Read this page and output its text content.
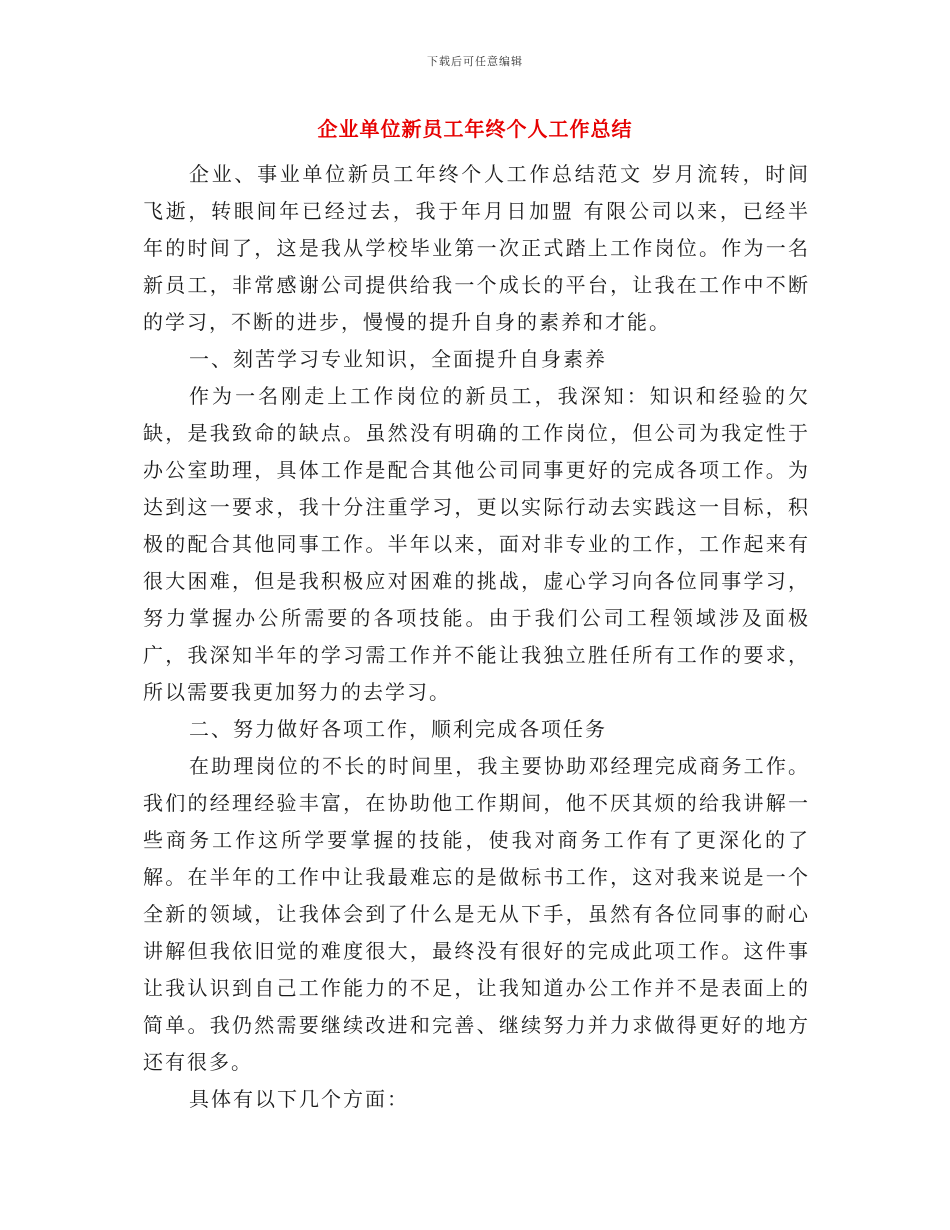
下载后可任意编辑
企业单位新员工年终个人工作总结

企业、事业单位新员工年终个人工作总结范文 岁月流转，时间飞逝，转眼间年已经过去，我于年月日加盟 有限公司以来，已经半年的时间了，这是我从学校毕业第一次正式踏上工作岗位。作为一名新员工，非常感谢公司提供给我一个成长的平台，让我在工作中不断的学习，不断的进步，慢慢的提升自身的素养和才能。

一、刻苦学习专业知识，全面提升自身素养

作为一名刚走上工作岗位的新员工，我深知：知识和经验的欠缺，是我致命的缺点。虽然没有明确的工作岗位，但公司为我定性于办公室助理，具体工作是配合其他公司同事更好的完成各项工作。为达到这一要求，我十分注重学习，更以实际行动去实践这一目标，积极的配合其他同事工作。半年以来，面对非专业的工作，工作起来有很大困难，但是我积极应对困难的挑战，虚心学习向各位同事学习，努力掌握办公所需要的各项技能。由于我们公司工程领域涉及面极广，我深知半年的学习需工作并不能让我独立胜任所有工作的要求，所以需要我更加努力的去学习。

二、努力做好各项工作，顺利完成各项任务

在助理岗位的不长的时间里，我主要协助邓经理完成商务工作。我们的经理经验丰富，在协助他工作期间，他不厌其烦的给我讲解一些商务工作这所学要掌握的技能，使我对商务工作有了更深化的了解。在半年的工作中让我最难忘的是做标书工作，这对我来说是一个全新的领域，让我体会到了什么是无从下手，虽然有各位同事的耐心讲解但我依旧觉的难度很大，最终没有很好的完成此项工作。这件事让我认识到自己工作能力的不足，让我知道办公工作并不是表面上的简单。我仍然需要继续改进和完善、继续努力并力求做得更好的地方还有很多。

具体有以下几个方面：
